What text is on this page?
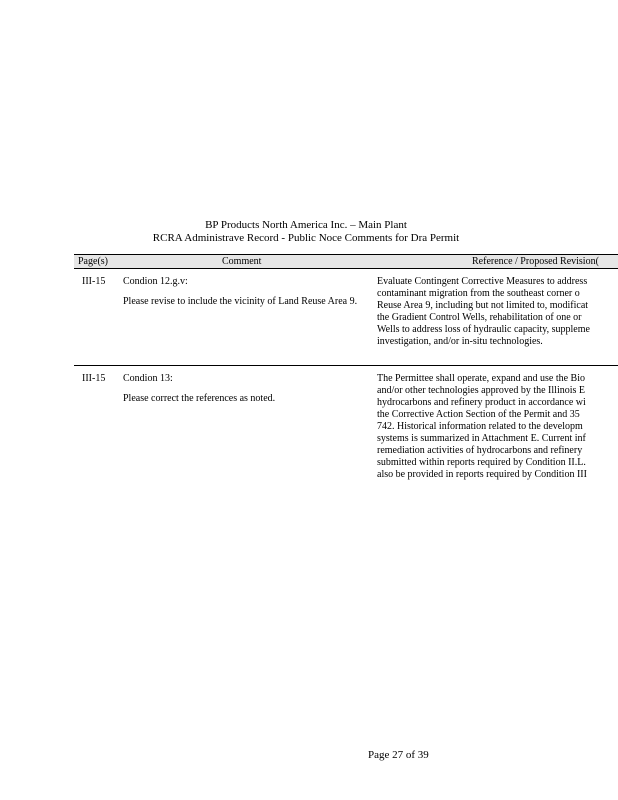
BP Products North America Inc. – Main Plant
RCRA Administrave Record - Public Noce Comments for Dra Permit
Page(s)	Comment	Reference / Proposed Revision(
III-15 Condion 12.g.v:

Please revise to include the vicinity of Land Reuse Area 9.

Evaluate Contingent Corrective Measures to address
contaminant migration from the southeast corner o
Reuse Area 9, including but not limited to, modificat
the Gradient Control Wells, rehabilitation of one or
Wells to address loss of hydraulic capacity, suppleme
investigation, and/or in-situ technologies.
III-15 Condion 13:

Please correct the references as noted.

The Permittee shall operate, expand and use the Bio
and/or other technologies approved by the Illinois E
hydrocarbons and refinery product in accordance wi
the Corrective Action Section of the Permit and 35
742. Historical information related to the developm
systems is summarized in Attachment E. Current inf
remediation activities of hydrocarbons and refinery
submitted within reports required by Condition II.L.
also be provided in reports required by Condition III
Page 27 of 39
